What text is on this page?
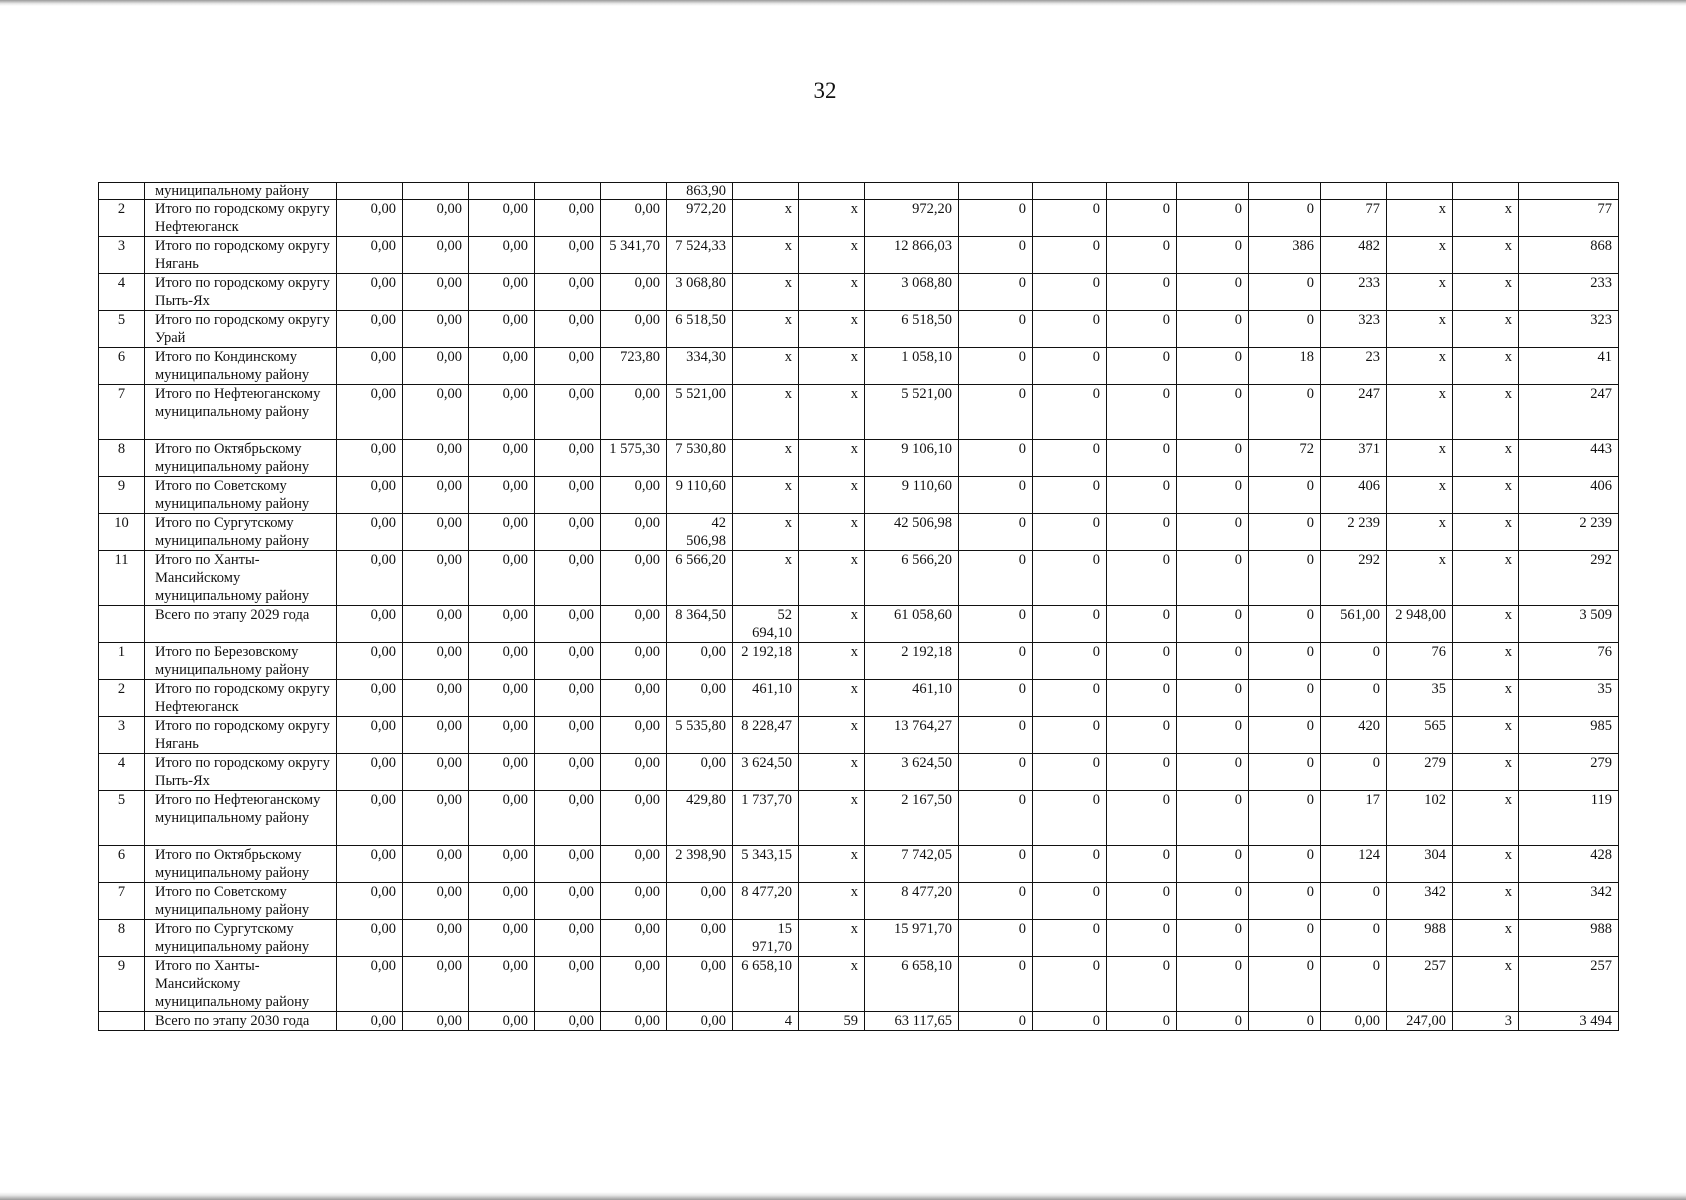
32
	муниципальному району						863,90												
2	Итого по городскому округу Нефтеюганск	0,00	0,00	0,00	0,00	0,00	972,20	x	x	972,20	0	0	0	0	0	77	x	x	77
3	Итого по городскому округу Нягань	0,00	0,00	0,00	0,00	5 341,70	7 524,33	x	x	12 866,03	0	0	0	0	386	482	x	x	868
4	Итого по городскому округу Пыть-Ях	0,00	0,00	0,00	0,00	0,00	3 068,80	x	x	3 068,80	0	0	0	0	0	233	x	x	233
5	Итого по городскому округу Урай	0,00	0,00	0,00	0,00	0,00	6 518,50	x	x	6 518,50	0	0	0	0	0	323	x	x	323
6	Итого по Кондинскому муниципальному району	0,00	0,00	0,00	0,00	723,80	334,30	x	x	1 058,10	0	0	0	0	18	23	x	x	41
7	Итого по Нефтеюганскому муниципальному району	0,00	0,00	0,00	0,00	0,00	5 521,00	x	x	5 521,00	0	0	0	0	0	247	x	x	247
8	Итого по Октябрьскому муниципальному району	0,00	0,00	0,00	0,00	1 575,30	7 530,80	x	x	9 106,10	0	0	0	0	72	371	x	x	443
9	Итого по Советскому муниципальному району	0,00	0,00	0,00	0,00	0,00	9 110,60	x	x	9 110,60	0	0	0	0	0	406	x	x	406
10	Итого по Сургутскому муниципальному району	0,00	0,00	0,00	0,00	0,00	42 506,98	x	x	42 506,98	0	0	0	0	0	2 239	x	x	2 239
11	Итого по Ханты-Мансийскому муниципальному району	0,00	0,00	0,00	0,00	0,00	6 566,20	x	x	6 566,20	0	0	0	0	0	292	x	x	292
	Всего по этапу 2029 года	0,00	0,00	0,00	0,00	0,00	8 364,50	52 694,10	x	61 058,60	0	0	0	0	0	561,00	2 948,00	x	3 509
1	Итого по Березовскому муниципальному району	0,00	0,00	0,00	0,00	0,00	0,00	2 192,18	x	2 192,18	0	0	0	0	0	0	76	x	76
2	Итого по городскому округу Нефтеюганск	0,00	0,00	0,00	0,00	0,00	0,00	461,10	x	461,10	0	0	0	0	0	0	35	x	35
3	Итого по городскому округу Нягань	0,00	0,00	0,00	0,00	0,00	5 535,80	8 228,47	x	13 764,27	0	0	0	0	0	420	565	x	985
4	Итого по городскому округу Пыть-Ях	0,00	0,00	0,00	0,00	0,00	0,00	3 624,50	x	3 624,50	0	0	0	0	0	0	279	x	279
5	Итого по Нефтеюганскому муниципальному району	0,00	0,00	0,00	0,00	0,00	429,80	1 737,70	x	2 167,50	0	0	0	0	0	17	102	x	119
6	Итого по Октябрьскому муниципальному району	0,00	0,00	0,00	0,00	0,00	2 398,90	5 343,15	x	7 742,05	0	0	0	0	0	124	304	x	428
7	Итого по Советскому муниципальному району	0,00	0,00	0,00	0,00	0,00	0,00	8 477,20	x	8 477,20	0	0	0	0	0	0	342	x	342
8	Итого по Сургутскому муниципальному району	0,00	0,00	0,00	0,00	0,00	0,00	15 971,70	x	15 971,70	0	0	0	0	0	0	988	x	988
9	Итого по Ханты-Мансийскому муниципальному району	0,00	0,00	0,00	0,00	0,00	0,00	6 658,10	x	6 658,10	0	0	0	0	0	0	257	x	257
	Всего по этапу 2030 года	0,00	0,00	0,00	0,00	0,00	0,00	4	59	63 117,65	0	0	0	0	0	0,00	247,00	3	3 494
